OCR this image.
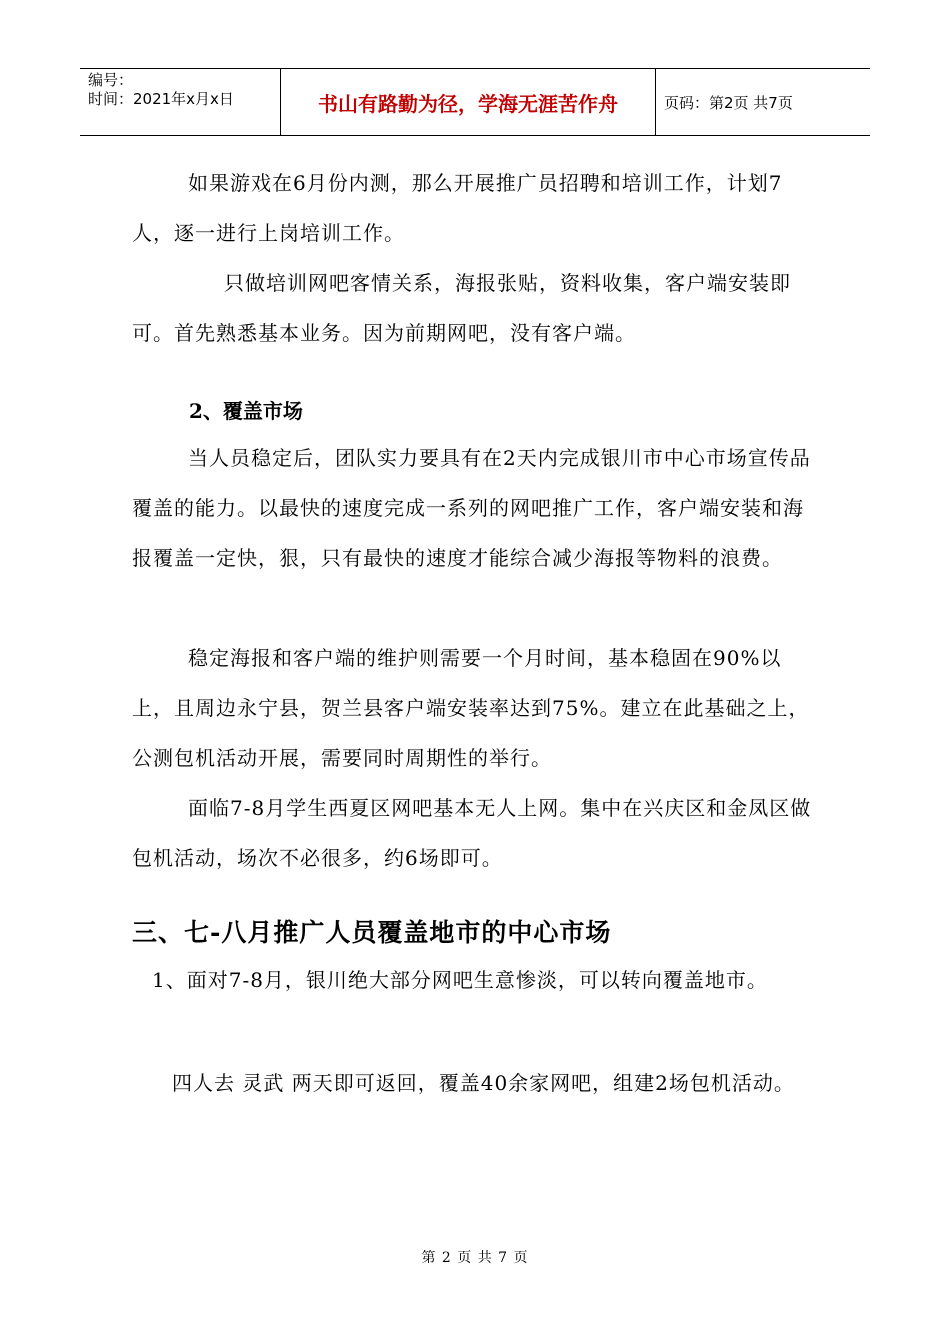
编号：
时间：2021年x月x日	书山有路勤为径，学海无涯苦作舟	页码：第2页 共7页
如果游戏在6月份内测，那么开展推广员招聘和培训工作，计划7人，逐一进行上岗培训工作。
只做培训网吧客情关系，海报张贴，资料收集，客户端安装即可。首先熟悉基本业务。因为前期网吧，没有客户端。
2、覆盖市场
当人员稳定后，团队实力要具有在2天内完成银川市中心市场宣传品覆盖的能力。以最快的速度完成一系列的网吧推广工作，客户端安装和海报覆盖一定快，狠，只有最快的速度才能综合减少海报等物料的浪费。
稳定海报和客户端的维护则需要一个月时间，基本稳固在90%以上，且周边永宁县，贺兰县客户端安装率达到75%。建立在此基础之上，公测包机活动开展，需要同时周期性的举行。
面临7-8月学生西夏区网吧基本无人上网。集中在兴庆区和金凤区做包机活动，场次不必很多，约6场即可。
三、七-八月推广人员覆盖地市的中心市场
1、面对7-8月，银川绝大部分网吧生意惨淡，可以转向覆盖地市。
四人去 灵武 两天即可返回，覆盖40余家网吧，组建2场包机活动。
第 2 页 共 7 页
